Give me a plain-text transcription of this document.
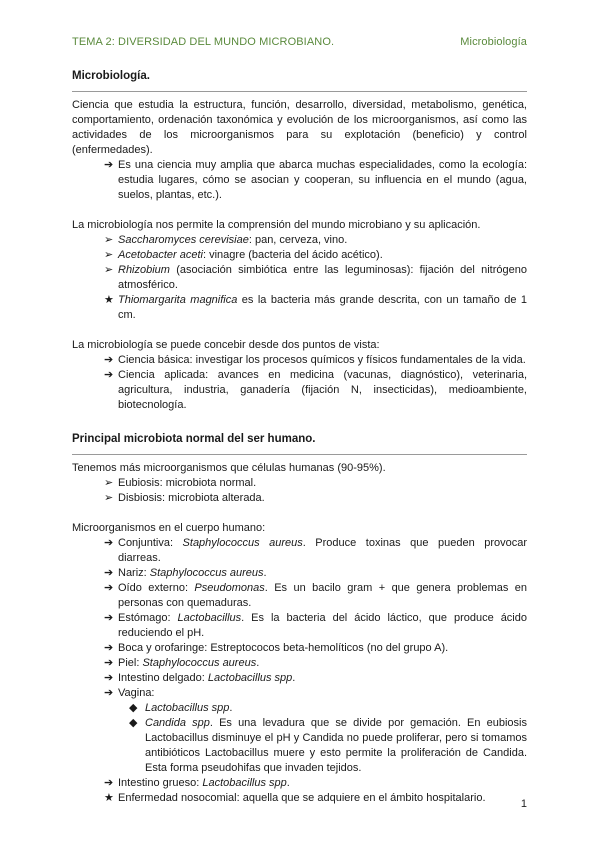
TEMA 2: DIVERSIDAD DEL MUNDO MICROBIANO.	Microbiología
Microbiología.

Ciencia que estudia la estructura, función, desarrollo, diversidad, metabolismo, genética, comportamiento, ordenación taxonómica y evolución de los microorganismos, así como las actividades de los microorganismos para su explotación (beneficio) y control (enfermedades).

➔ Es una ciencia muy amplia que abarca muchas especialidades, como la ecología: estudia lugares, cómo se asocian y cooperan, su influencia en el mundo (agua, suelos, plantas, etc.).

La microbiología nos permite la comprensión del mundo microbiano y su aplicación.

➢ Saccharomyces cerevisiae: pan, cerveza, vino.
➢ Acetobacter aceti: vinagre (bacteria del ácido acético).
➢ Rhizobium (asociación simbiótica entre las leguminosas): fijación del nitrógeno atmosférico.
★ Thiomargarita magnifica es la bacteria más grande descrita, con un tamaño de 1 cm.

La microbiología se puede concebir desde dos puntos de vista:

➔ Ciencia básica: investigar los procesos químicos y físicos fundamentales de la vida.
➔ Ciencia aplicada: avances en medicina (vacunas, diagnóstico), veterinaria, agricultura, industria, ganadería (fijación N, insecticidas), medioambiente, biotecnología.
Principal microbiota normal del ser humano.

Tenemos más microorganismos que células humanas (90-95%).

➢ Eubiosis: microbiota normal.
➢ Disbiosis: microbiota alterada.

Microorganismos en el cuerpo humano:

➔ Conjuntiva: Staphylococcus aureus. Produce toxinas que pueden provocar diarreas.
➔ Nariz: Staphylococcus aureus.
➔ Oído externo: Pseudomonas. Es un bacilo gram + que genera problemas en personas con quemaduras.
➔ Estómago: Lactobacillus. Es la bacteria del ácido láctico, que produce ácido reduciendo el pH.
➔ Boca y orofaringe: Estreptococos beta-hemolíticos (no del grupo A).
➔ Piel: Staphylococcus aureus.
➔ Intestino delgado: Lactobacillus spp.
➔ Vagina:
◆ Lactobacillus spp.
◆ Candida spp. Es una levadura que se divide por gemación. En eubiosis Lactobacillus disminuye el pH y Candida no puede proliferar, pero si tomamos antibióticos Lactobacillus muere y esto permite la proliferación de Candida. Esta forma pseudohifas que invaden tejidos.
➔ Intestino grueso: Lactobacillus spp.
★ Enfermedad nosocomial: aquella que se adquiere en el ámbito hospitalario.	1
